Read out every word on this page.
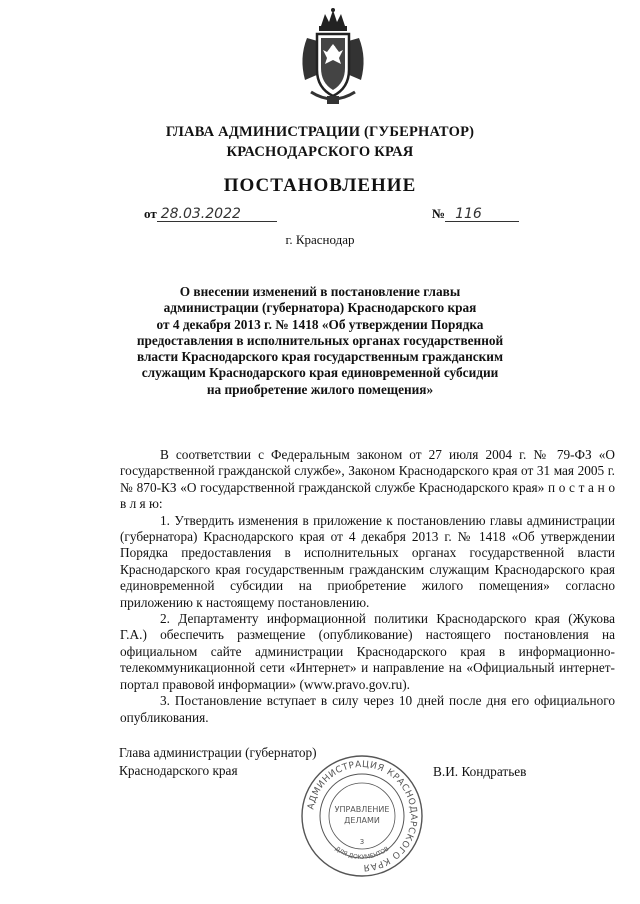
ГЛАВА АДМИНИСТРАЦИИ (ГУБЕРНАТОР)
КРАСНОДАРСКОГО КРАЯ
ПОСТАНОВЛЕНИЕ
от 28.03.2022	№ 116
г. Краснодар
О внесении изменений в постановление главы
администрации (губернатора) Краснодарского края
от 4 декабря 2013 г. № 1418 «Об утверждении Порядка
предоставления в исполнительных органах государственной
власти Краснодарского края государственным гражданским
служащим Краснодарского края единовременной субсидии
на приобретение жилого помещения»

В соответствии с Федеральным законом от 27 июля 2004 г. № 79-ФЗ «О государственной гражданской службе», Законом Краснодарского края от 31 мая 2005 г. № 870-КЗ «О государственной гражданской службе Краснодарского края» п о с т а н о в л я ю:

1. Утвердить изменения в приложение к постановлению главы администрации (губернатора) Краснодарского края от 4 декабря 2013 г. № 1418 «Об утверждении Порядка предоставления в исполнительных органах государственной власти Краснодарского края государственным гражданским служащим Краснодарского края единовременной субсидии на приобретение жилого помещения» согласно приложению к настоящему постановлению.

2. Департаменту информационной политики Краснодарского края (Жукова Г.А.) обеспечить размещение (опубликование) настоящего постановления на официальном сайте администрации Краснодарского края в информационно-телекоммуникационной сети «Интернет» и направление на «Официальный интернет-портал правовой информации» (www.pravo.gov.ru).

3. Постановление вступает в силу через 10 дней после дня его официального опубликования.

Глава администрации (губернатор)
Краснодарского края	В.И. Кондратьев
АДМИНИСТРАЦИЯ КРАСНОДАРСКОГО КРАЯ
ДЛЯ ДОКУМЕНТОВ
УПРАВЛЕНИЕ
ДЕЛАМИ
3
